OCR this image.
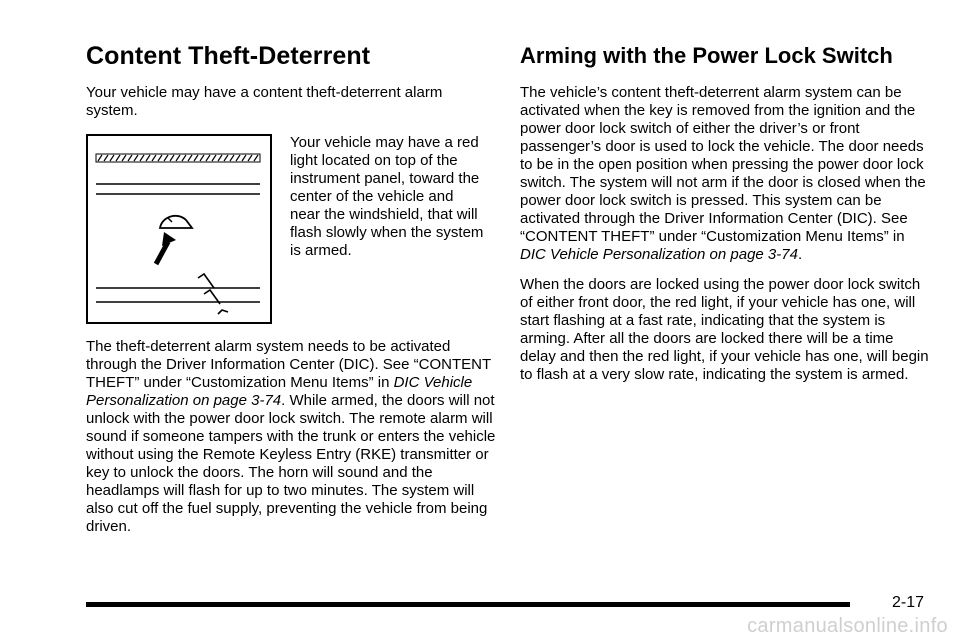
Content Theft-Deterrent

Your vehicle may have a content theft-deterrent alarm system.

Your vehicle may have a red light located on top of the instrument panel, toward the center of the vehicle and near the windshield, that will flash slowly when the system is armed.

The theft-deterrent alarm system needs to be activated through the Driver Information Center (DIC). See “CONTENT THEFT” under “Customization Menu Items” in DIC Vehicle Personalization on page 3-74. While armed, the doors will not unlock with the power door lock switch. The remote alarm will sound if someone tampers with the trunk or enters the vehicle without using the Remote Keyless Entry (RKE) transmitter or key to unlock the doors. The horn will sound and the headlamps will flash for up to two minutes. The system will also cut off the fuel supply, preventing the vehicle from being driven.

Arming with the Power Lock Switch

The vehicle’s content theft-deterrent alarm system can be activated when the key is removed from the ignition and the power door lock switch of either the driver’s or front passenger’s door is used to lock the vehicle. The door needs to be in the open position when pressing the power door lock switch. The system will not arm if the door is closed when the power door lock switch is pressed. This system can be activated through the Driver Information Center (DIC). See “CONTENT THEFT” under “Customization Menu Items” in DIC Vehicle Personalization on page 3-74.

When the doors are locked using the power door lock switch of either front door, the red light, if your vehicle has one, will start flashing at a fast rate, indicating that the system is arming. After all the doors are locked there will be a time delay and then the red light, if your vehicle has one, will begin to flash at a very slow rate, indicating the system is armed.

2-17
carmanualsonline.info
